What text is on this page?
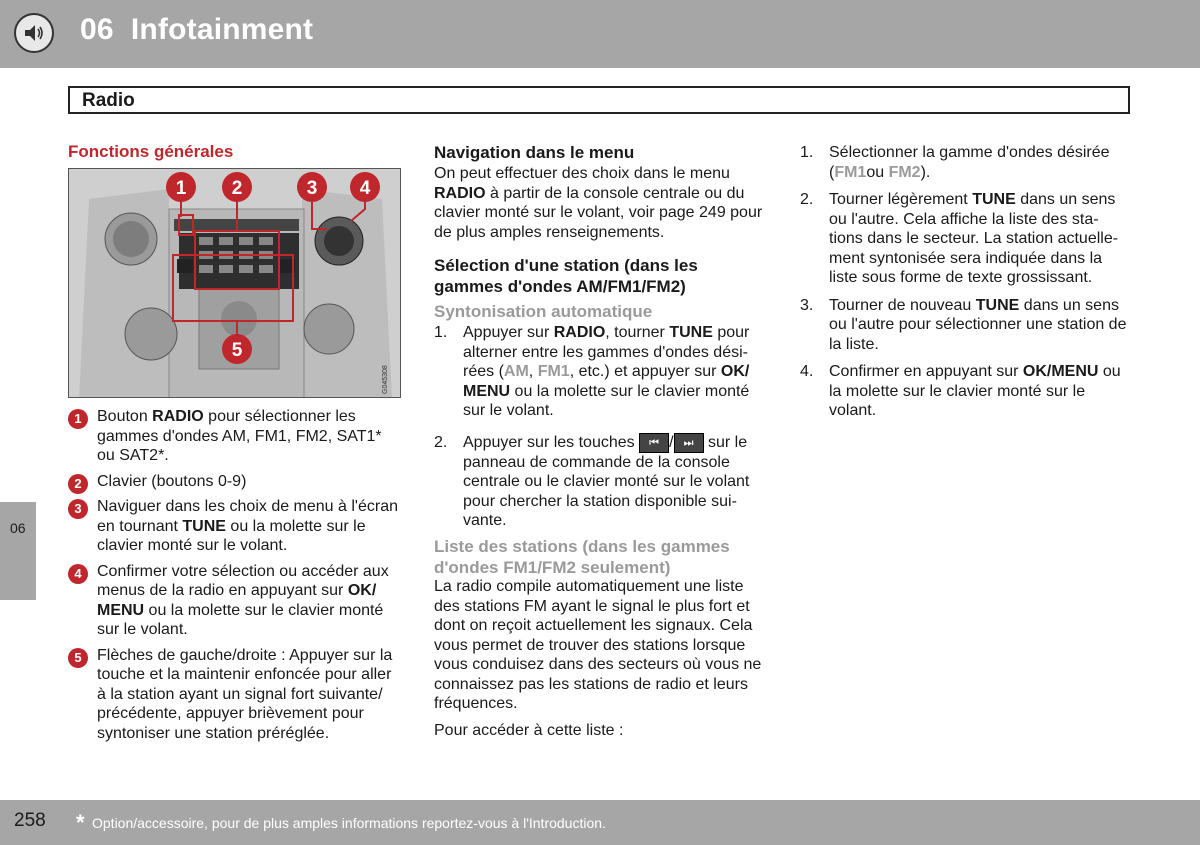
06 Infotainment
Radio
06
Fonctions générales
1 2	3 4
5
G045308
1 Bouton RADIO pour sélectionner les gammes d'ondes AM, FM1, FM2, SAT1* ou SAT2*.
2 Clavier (boutons 0-9)
3 Naviguer dans les choix de menu à l'écran en tournant TUNE ou la molette sur le clavier monté sur le volant.
4 Confirmer votre sélection ou accéder aux menus de la radio en appuyant sur OK/ MENU ou la molette sur le clavier monté sur le volant.
5 Flèches de gauche/droite : Appuyer sur la touche et la maintenir enfoncée pour aller à la station ayant un signal fort suivante/ précédente, appuyer brièvement pour syntoniser une station préréglée.
Navigation dans le menu
On peut effectuer des choix dans le menu RADIO à partir de la console centrale ou du clavier monté sur le volant, voir page 249 pour de plus amples renseignements.
Sélection d'une station (dans les gammes d'ondes AM/FM1/FM2)
Syntonisation automatique
1. Appuyer sur RADIO, tourner TUNE pour alterner entre les gammes d'ondes dési-rées (AM, FM1, etc.) et appuyer sur OK/ MENU ou la molette sur le clavier monté sur le volant.
2. Appuyer sur les touches ⏮ / ⏭ sur le panneau de commande de la console centrale ou le clavier monté sur le volant pour chercher la station disponible sui-vante.
Liste des stations (dans les gammes d'ondes FM1/FM2 seulement)
La radio compile automatiquement une liste des stations FM ayant le signal le plus fort et dont on reçoit actuellement les signaux. Cela vous permet de trouver des stations lorsque vous conduisez dans des secteurs où vous ne connaissez pas les stations de radio et leurs fréquences.
Pour accéder à cette liste :
1. Sélectionner la gamme d'ondes désirée (FM1ou FM2).
2. Tourner légèrement TUNE dans un sens ou l'autre. Cela affiche la liste des sta-tions dans le secteur. La station actuelle-ment syntonisée sera indiquée dans la liste sous forme de texte grossissant.
3. Tourner de nouveau TUNE dans un sens ou l'autre pour sélectionner une station de la liste.
4. Confirmer en appuyant sur OK/MENU ou la molette sur le clavier monté sur le volant.
258 * Option/accessoire, pour de plus amples informations reportez-vous à l'Introduction.
